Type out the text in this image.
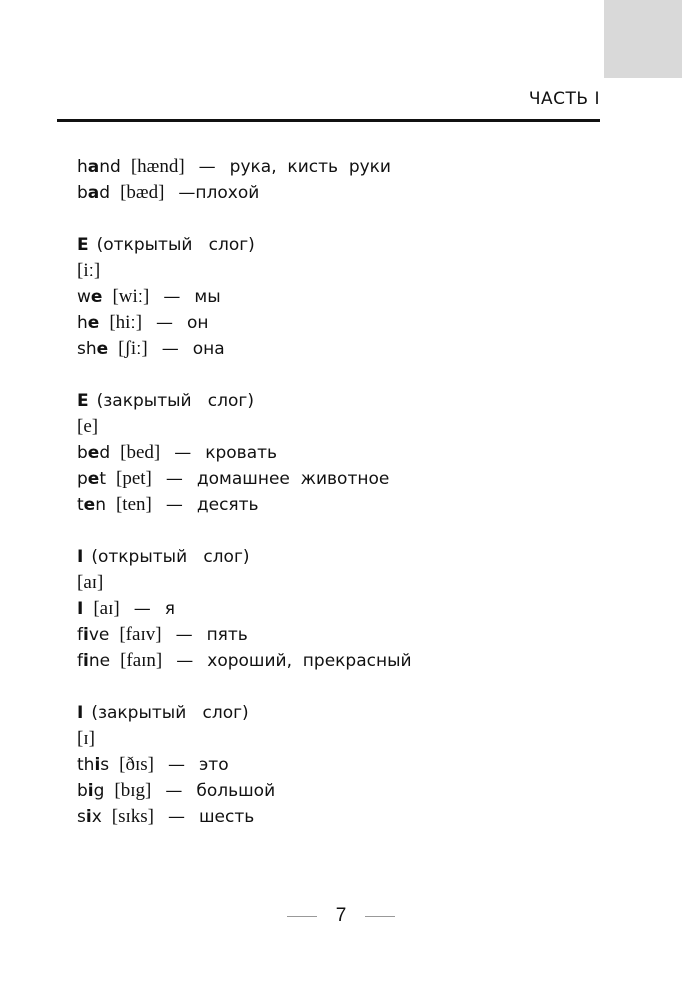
ЧАСТЬ I
hand [hænd] — рука,  кисть  руки
bad [bæd] —плохой
E (открытый   слог)
[iː]
we [wiː] — мы
he [hiː] — он
she [ʃiː] — она
E (закрытый   слог)
[e]
bed [bed] — кровать
pet [pet] — домашнее  животное
ten [ten] — десять
I (открытый   слог)
[aɪ]
I [aɪ] — я
five [faɪv] — пять
fine [faɪn] — хороший,  прекрасный
I (закрытый   слог)
[ɪ]
this [ðɪs] — это
big [bɪg] — большой
six [sɪks] — шесть
7
